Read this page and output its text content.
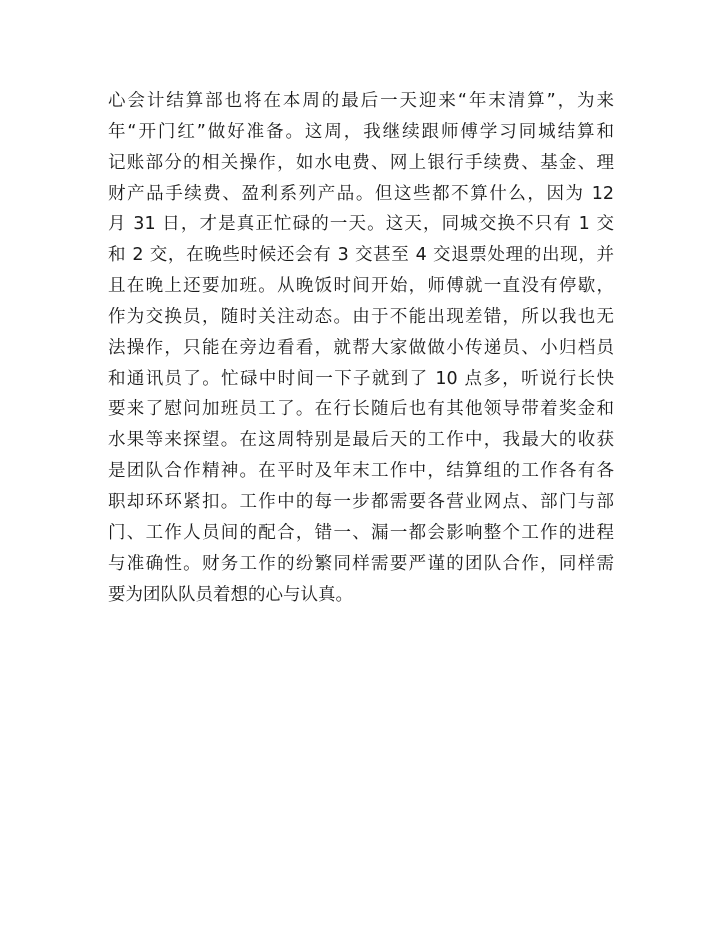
心会计结算部也将在本周的最后一天迎来“年末清算”，为来
年“开门红”做好准备。这周，我继续跟师傅学习同城结算和
记账部分的相关操作，如水电费、网上银行手续费、基金、理
财产品手续费、盈利系列产品。但这些都不算什么，因为 12
月 31 日，才是真正忙碌的一天。这天，同城交换不只有 1 交
和 2 交，在晚些时候还会有 3 交甚至 4 交退票处理的出现，并
且在晚上还要加班。从晚饭时间开始，师傅就一直没有停歇，
作为交换员，随时关注动态。由于不能出现差错，所以我也无
法操作，只能在旁边看看，就帮大家做做小传递员、小归档员
和通讯员了。忙碌中时间一下子就到了 10 点多，听说行长快
要来了慰问加班员工了。在行长随后也有其他领导带着奖金和
水果等来探望。在这周特别是最后天的工作中，我最大的收获
是团队合作精神。在平时及年末工作中，结算组的工作各有各
职却环环紧扣。工作中的每一步都需要各营业网点、部门与部
门、工作人员间的配合，错一、漏一都会影响整个工作的进程
与准确性。财务工作的纷繁同样需要严谨的团队合作，同样需
要为团队队员着想的心与认真。
